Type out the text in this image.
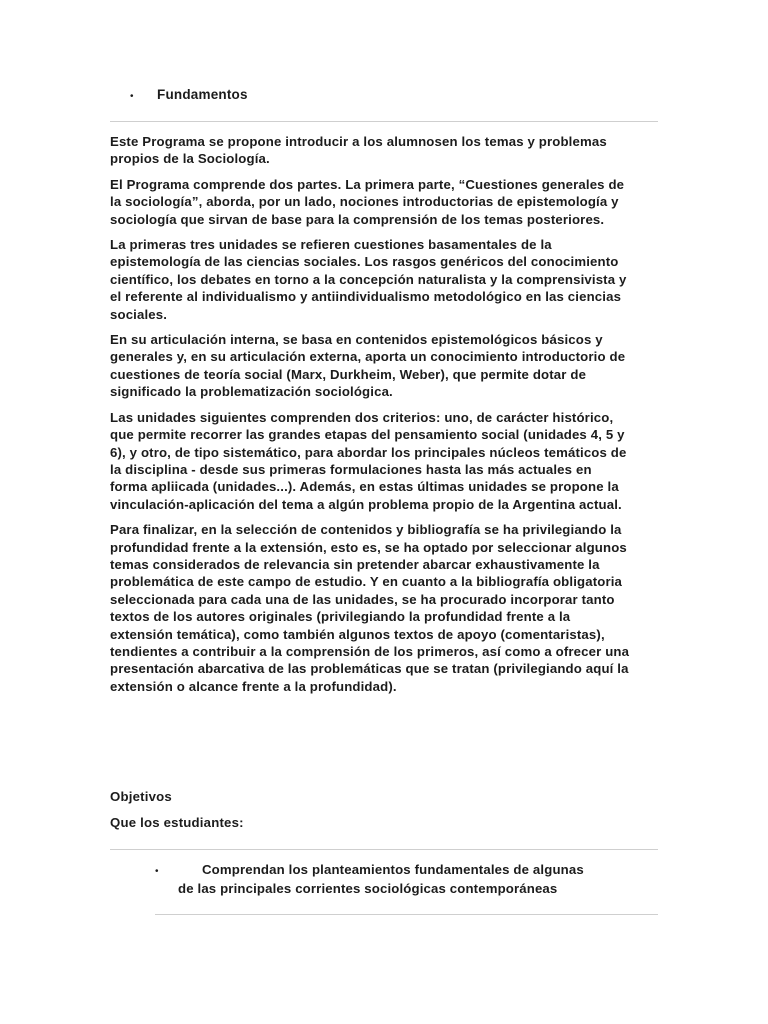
• Fundamentos

Este Programa se propone introducir a los alumnosen los temas y problemas propios de la Sociología.

El Programa comprende dos partes. La primera parte, “Cuestiones generales de la sociología”, aborda, por un lado, nociones introductorias de epistemología y sociología que sirvan de base para la comprensión de los temas posteriores.

La primeras tres unidades se refieren cuestiones basamentales de la epistemología de las ciencias sociales. Los rasgos genéricos del conocimiento científico, los debates en torno a la concepción naturalista y la comprensivista y el referente al individualismo y antiindividualismo metodológico en las ciencias sociales.

En su articulación interna, se basa en contenidos epistemológicos básicos y generales y, en su articulación externa, aporta un conocimiento introductorio de cuestiones de teoría social (Marx, Durkheim, Weber), que permite dotar de significado la problematización sociológica.

Las unidades siguientes comprenden dos criterios: uno, de carácter histórico, que permite recorrer las grandes etapas del pensamiento social (unidades 4, 5 y 6), y otro, de tipo sistemático, para abordar los principales núcleos temáticos de la disciplina - desde sus primeras formulaciones hasta las más actuales en forma apliicada (unidades...). Además, en estas últimas unidades se propone la vinculación-aplicación del tema a algún problema propio de la Argentina actual.

Para finalizar, en la selección de contenidos y bibliografía se ha privilegiando la profundidad frente a la extensión, esto es, se ha optado por seleccionar algunos temas considerados de relevancia sin pretender abarcar exhaustivamente la problemática de este campo de estudio. Y en cuanto a la bibliografía obligatoria seleccionada para cada una de las unidades, se ha procurado incorporar tanto textos de los autores originales (privilegiando la profundidad frente a la extensión temática), como también algunos textos de apoyo (comentaristas), tendientes a contribuir a la comprensión de los primeros, así como a ofrecer una presentación abarcativa de las problemáticas que se tratan (privilegiando aquí la extensión o alcance frente a la profundidad).

Objetivos
Que los estudiantes:
•	Comprendan los planteamientos fundamentales de algunas
de las principales corrientes sociológicas contemporáneas
